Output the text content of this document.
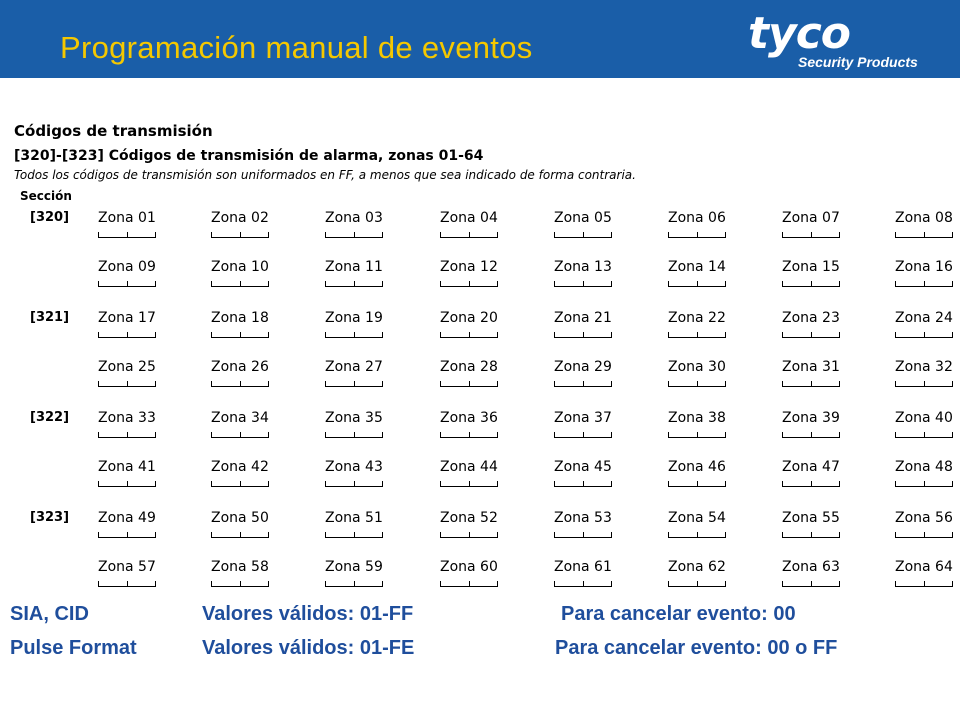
Programación manual de eventos	tyco
Security Products
Códigos de transmisión
[320]-[323] Códigos de transmisión de alarma, zonas 01-64
Todos los códigos de transmisión son uniformados en FF, a menos que sea indicado de forma contraria.
Sección
[320] Zona 01	Zona 02	Zona 03	Zona 04	Zona 05	Zona 06	Zona 07	Zona 08
Zona 09	Zona 10	Zona 11	Zona 12	Zona 13	Zona 14	Zona 15	Zona 16
[321] Zona 17	Zona 18	Zona 19	Zona 20	Zona 21	Zona 22	Zona 23	Zona 24
Zona 25	Zona 26	Zona 27	Zona 28	Zona 29	Zona 30	Zona 31	Zona 32
[322] Zona 33	Zona 34	Zona 35	Zona 36	Zona 37	Zona 38	Zona 39	Zona 40
Zona 41	Zona 42	Zona 43	Zona 44	Zona 45	Zona 46	Zona 47	Zona 48
[323] Zona 49	Zona 50	Zona 51	Zona 52	Zona 53	Zona 54	Zona 55	Zona 56
Zona 57	Zona 58	Zona 59	Zona 60	Zona 61	Zona 62	Zona 63	Zona 64
SIA, CID	Valores válidos: 01-FF	Para cancelar evento: 00
Pulse Format	Valores válidos: 01-FE	Para cancelar evento: 00 o FF
